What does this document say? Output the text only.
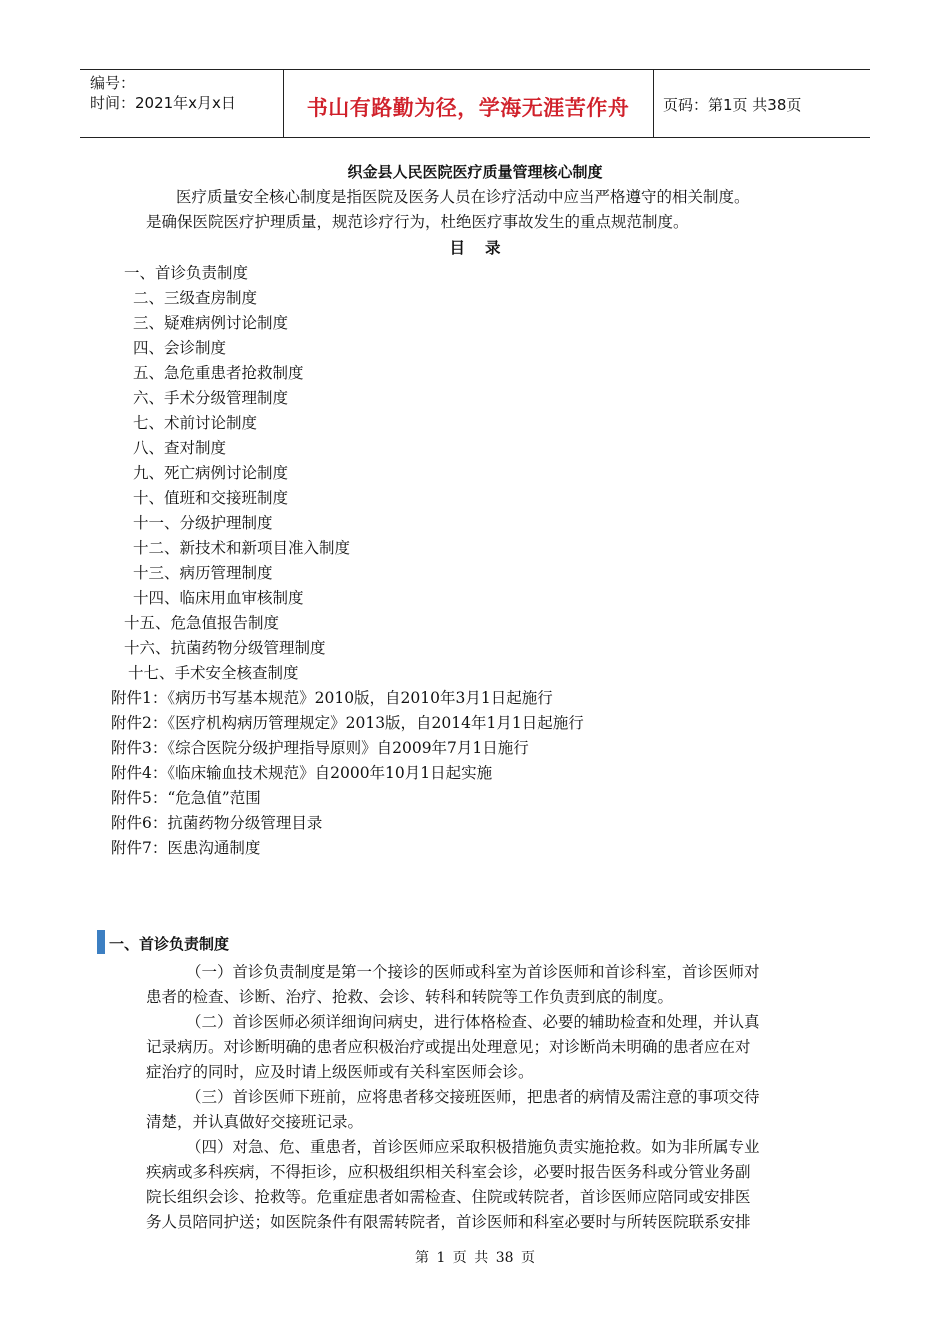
编号：
时间：2021年x月x日	书山有路勤为径，学海无涯苦作舟	页码：第1页 共38页
织金县人民医院医疗质量管理核心制度
医疗质量安全核心制度是指医院及医务人员在诊疗活动中应当严格遵守的相关制度。
是确保医院医疗护理质量，规范诊疗行为，杜绝医疗事故发生的重点规范制度。
目录
一、首诊负责制度
二、三级查房制度
三、疑难病例讨论制度
四、会诊制度
五、急危重患者抢救制度
六、手术分级管理制度
七、术前讨论制度
八、查对制度
九、死亡病例讨论制度
十、值班和交接班制度
十一、分级护理制度
十二、新技术和新项目准入制度
十三、病历管理制度
十四、临床用血审核制度
十五、危急值报告制度
十六、抗菌药物分级管理制度
十七、手术安全核查制度
附件1：《病历书写基本规范》2010版，自2010年3月1日起施行
附件2：《医疗机构病历管理规定》2013版，自2014年1月1日起施行
附件3：《综合医院分级护理指导原则》自2009年7月1日施行
附件4：《临床输血技术规范》自2000年10月1日起实施
附件5：“危急值”范围
附件6：抗菌药物分级管理目录
附件7：医患沟通制度
一、首诊负责制度
（一）首诊负责制度是第一个接诊的医师或科室为首诊医师和首诊科室，首诊医师对
患者的检查、诊断、治疗、抢救、会诊、转科和转院等工作负责到底的制度。
（二）首诊医师必须详细询问病史，进行体格检查、必要的辅助检查和处理，并认真
记录病历。对诊断明确的患者应积极治疗或提出处理意见；对诊断尚未明确的患者应在对
症治疗的同时，应及时请上级医师或有关科室医师会诊。
（三）首诊医师下班前，应将患者移交接班医师，把患者的病情及需注意的事项交待
清楚，并认真做好交接班记录。
（四）对急、危、重患者，首诊医师应采取积极措施负责实施抢救。如为非所属专业
疾病或多科疾病，不得拒诊，应积极组织相关科室会诊，必要时报告医务科或分管业务副
院长组织会诊、抢救等。危重症患者如需检查、住院或转院者，首诊医师应陪同或安排医
务人员陪同护送；如医院条件有限需转院者，首诊医师和科室必要时与所转医院联系安排
第 1 页 共 38 页
